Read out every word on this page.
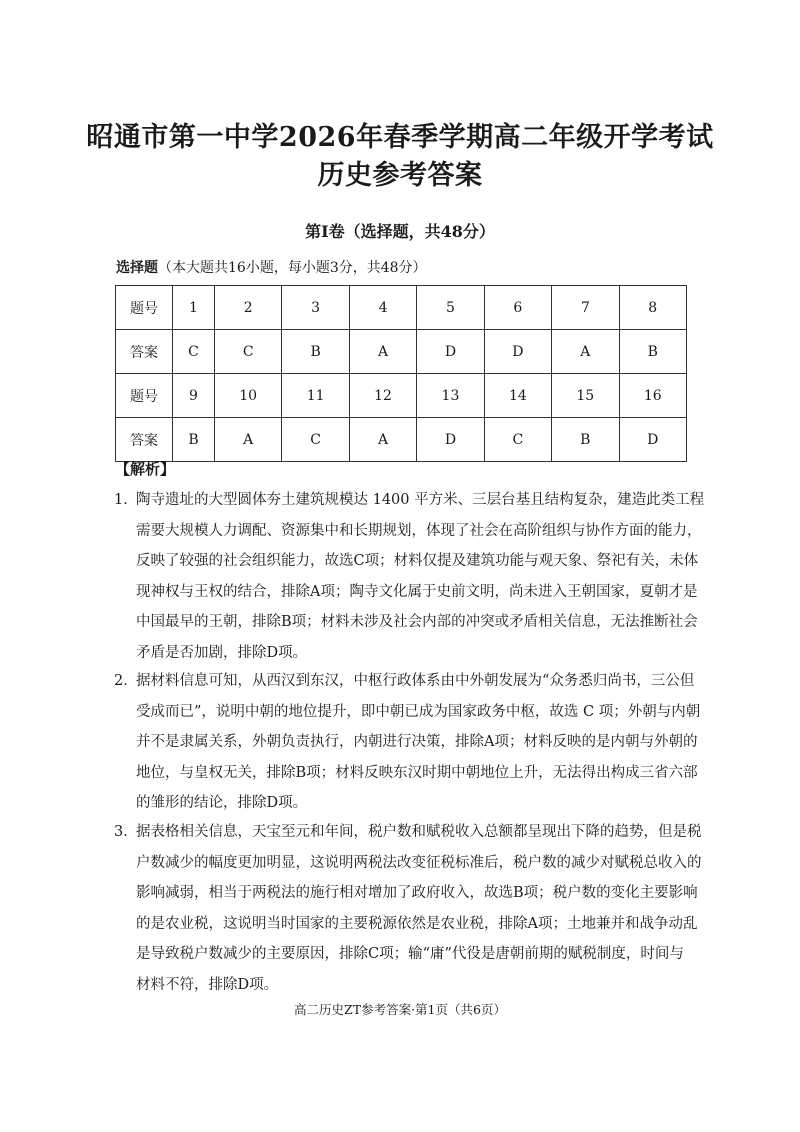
昭通市第一中学2026年春季学期高二年级开学考试
历史参考答案
第Ⅰ卷（选择题，共48分）
选择题（本大题共16小题，每小题3分，共48分）
题号	1	2	3	4	5	6	7	8
答案	C	C	B	A	D	D	A	B
题号	9	10	11	12	13	14	15	16
答案	B	A	C	A	D	C	B	D
【解析】
1．
陶寺遗址的大型圆体夯土建筑规模达 1400 平方米、三层台基且结构复杂，建造此类工程
需要大规模人力调配、资源集中和长期规划，体现了社会在高阶组织与协作方面的能力，
反映了较强的社会组织能力，故选C项；材料仅提及建筑功能与观天象、祭祀有关，未体
现神权与王权的结合，排除A项；陶寺文化属于史前文明，尚未进入王朝国家，夏朝才是
中国最早的王朝，排除B项；材料未涉及社会内部的冲突或矛盾相关信息，无法推断社会
矛盾是否加剧，排除D项。
2．
据材料信息可知，从西汉到东汉，中枢行政体系由中外朝发展为“众务悉归尚书，三公但
受成而已”，说明中朝的地位提升，即中朝已成为国家政务中枢，故选 C 项；外朝与内朝
并不是隶属关系，外朝负责执行，内朝进行决策，排除A项；材料反映的是内朝与外朝的
地位，与皇权无关，排除B项；材料反映东汉时期中朝地位上升，无法得出构成三省六部
的雏形的结论，排除D项。
3．
据表格相关信息，天宝至元和年间，税户数和赋税收入总额都呈现出下降的趋势，但是税
户数减少的幅度更加明显，这说明两税法改变征税标准后，税户数的减少对赋税总收入的
影响减弱，相当于两税法的施行相对增加了政府收入，故选B项；税户数的变化主要影响
的是农业税，这说明当时国家的主要税源依然是农业税，排除A项；土地兼并和战争动乱
是导致税户数减少的主要原因，排除C项；输“庸”代役是唐朝前期的赋税制度，时间与
材料不符，排除D项。
高二历史ZT参考答案·第1页（共6页）
